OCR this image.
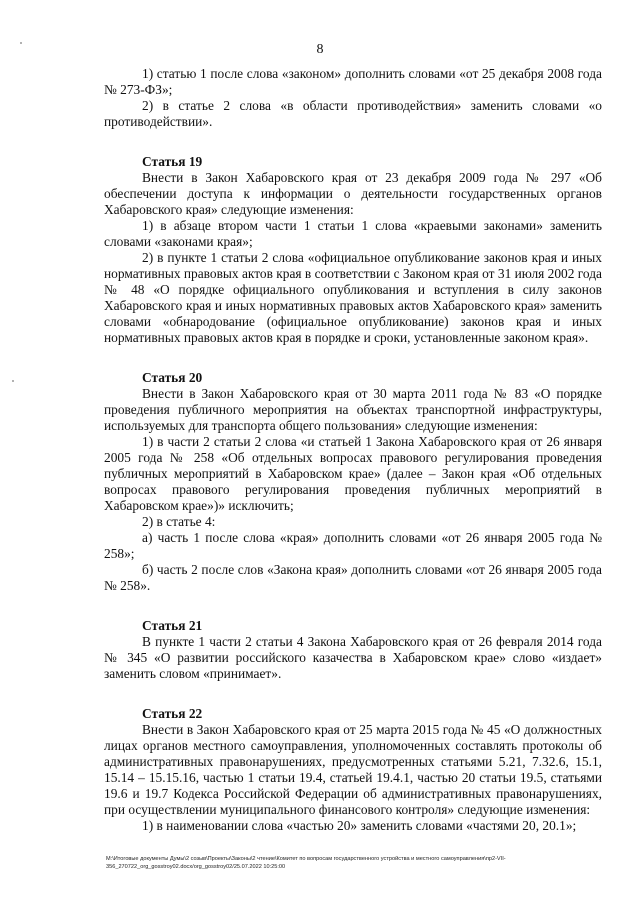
8
1) статью 1 после слова «законом» дополнить словами «от 25 декабря 2008 года № 273-ФЗ»;
2) в статье 2 слова «в области противодействия» заменить словами «о противодействии».
Статья 19
Внести в Закон Хабаровского края от 23 декабря 2009 года № 297 «Об обеспечении доступа к информации о деятельности государственных органов Хабаровского края» следующие изменения:
1) в абзаце втором части 1 статьи 1 слова «краевыми законами» заменить словами «законами края»;
2) в пункте 1 статьи 2 слова «официальное опубликование законов края и иных нормативных правовых актов края в соответствии с Законом края от 31 июля 2002 года № 48 «О порядке официального опубликования и вступления в силу законов Хабаровского края и иных нормативных правовых актов Хабаровского края» заменить словами «обнародование (официальное опубликование) законов края и иных нормативных правовых актов края в порядке и сроки, установленные законом края».
Статья 20
Внести в Закон Хабаровского края от 30 марта 2011 года № 83 «О порядке проведения публичного мероприятия на объектах транспортной инфраструктуры, используемых для транспорта общего пользования» следующие изменения:
1) в части 2 статьи 2 слова «и статьей 1 Закона Хабаровского края от 26 января 2005 года № 258 «Об отдельных вопросах правового регулирования проведения публичных мероприятий в Хабаровском крае» (далее – Закон края «Об отдельных вопросах правового регулирования проведения публичных мероприятий в Хабаровском крае»)» исключить;
2) в статье 4:
а) часть 1 после слова «края» дополнить словами «от 26 января 2005 года № 258»;
б) часть 2 после слов «Закона края» дополнить словами «от 26 января 2005 года № 258».
Статья 21
В пункте 1 части 2 статьи 4 Закона Хабаровского края от 26 февраля 2014 года № 345 «О развитии российского казачества в Хабаровском крае» слово «издает» заменить словом «принимает».
Статья 22
Внести в Закон Хабаровского края от 25 марта 2015 года № 45 «О должностных лицах органов местного самоуправления, уполномоченных составлять протоколы об административных правонарушениях, предусмотренных статьями 5.21, 7.32.6, 15.1, 15.14 – 15.15.16, частью 1 статьи 19.4, статьей 19.4.1, частью 20 статьи 19.5, статьями 19.6 и 19.7 Кодекса Российской Федерации об административных правонарушениях, при осуществлении муниципального финансового контроля» следующие изменения:
1) в наименовании слова «частью 20» заменить словами «частями 20, 20.1»;
М:\Итоговые документы Думы\2 созыв\Проекты\Законы\2 чтение\Комитет по вопросам государственного устройства и местного самоуправления\пр2-VII-
356_270722_org_gosstroy02.docx/org_gosstroy02/25.07.2022 10:25:00
